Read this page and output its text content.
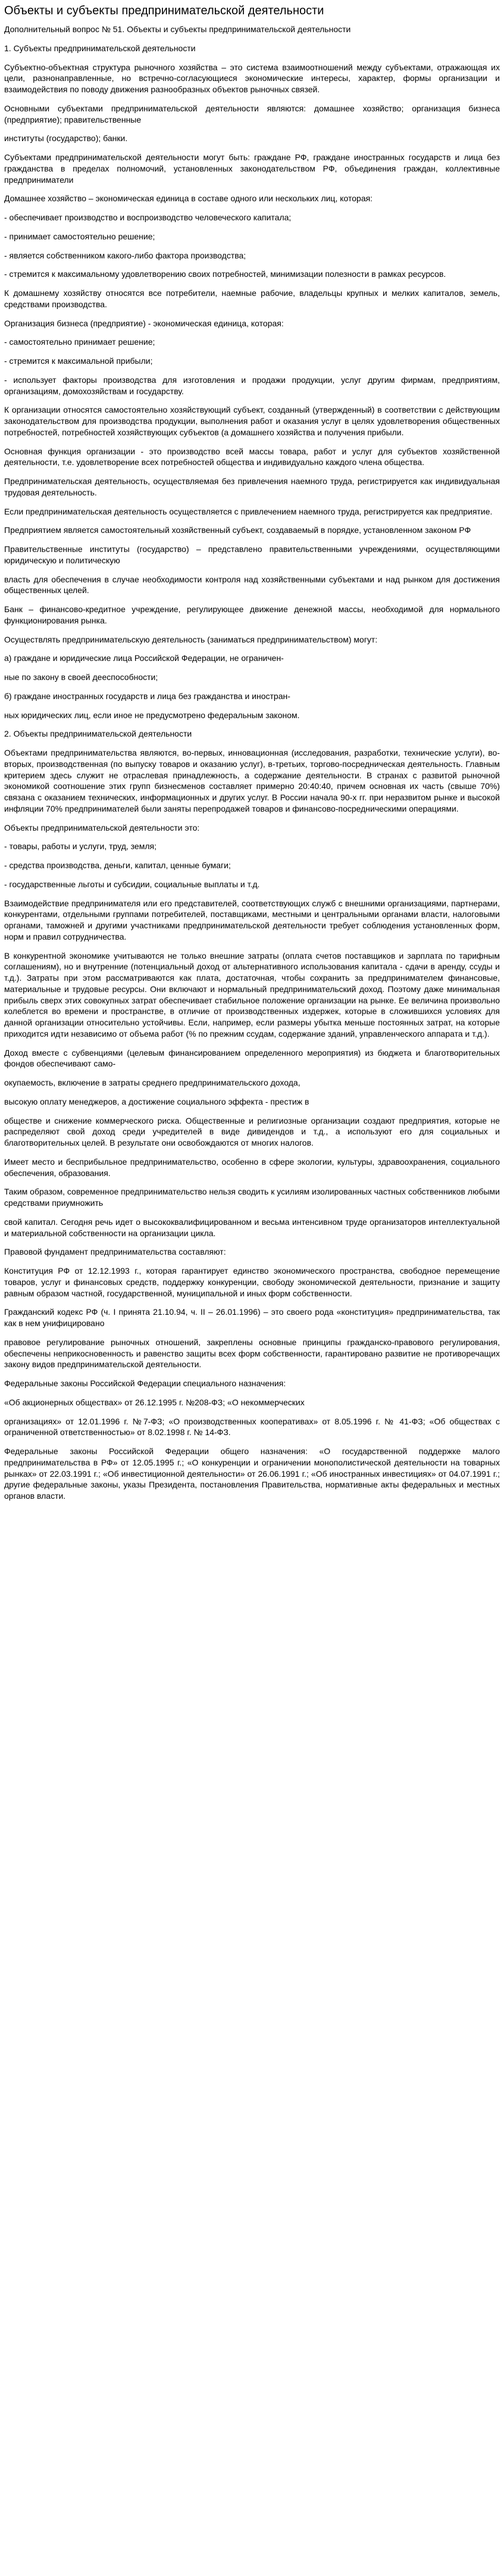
Объекты и субъекты предпринимательской деятельности

Дополнительный вопрос № 51. Объекты и субъекты предпринимательской деятельности

1. Субъекты предпринимательской деятельности

Субъектно-объектная структура рыночного хозяйства – это система взаимоотношений между субъектами, отражающая их цели, разнонаправленные, но встречно-согласующиеся экономические интересы, характер, формы организации и взаимодействия по поводу движения разнообразных объектов рыночных связей.

Основными субъектами предпринимательской деятельности являются: домашнее хозяйство; организация бизнеса (предприятие); правительственные

институты (государство); банки.

Субъектами предпринимательской деятельности могут быть: граждане РФ, граждане иностранных государств и лица без гражданства в пределах полномочий, установленных законодательством РФ, объединения граждан, коллективные предприниматели

Домашнее хозяйство – экономическая единица в составе одного или нескольких лиц, которая:

- обеспечивает производство и воспроизводство человеческого капитала;

- принимает самостоятельно решение;

- является собственником какого-либо фактора производства;

- стремится к максимальному удовлетворению своих потребностей, минимизации полезности в рамках ресурсов.

К домашнему хозяйству относятся все потребители, наемные рабочие, владельцы крупных и мелких капиталов, земель, средствами производства.

Организация бизнеса (предприятие) - экономическая единица, которая:

- самостоятельно принимает решение;

- стремится к максимальной прибыли;

- использует факторы производства для изготовления и продажи продукции, услуг другим фирмам, предприятиям, организациям, домохозяйствам и государству.

К организации относятся самостоятельно хозяйствующий субъект, созданный (утвержденный) в соответствии с действующим законодательством для производства продукции, выполнения работ и оказания услуг в целях удовлетворения общественных потребностей, потребностей хозяйствующих субъектов (а домашнего хозяйства и получения прибыли.

Основная функция организации - это производство всей массы товара, работ и услуг для субъектов хозяйственной деятельности, т.е. удовлетворение всех потребностей общества и индивидуально каждого члена общества.

Предпринимательская деятельность, осуществляемая без привлечения наемного труда, регистрируется как индивидуальная трудовая деятельность.

Если предпринимательская деятельность осуществляется с привлечением наемного труда, регистрируется как предприятие.

Предприятием является самостоятельный хозяйственный субъект, создаваемый в порядке, установленном законом РФ

Правительственные институты (государство) – представлено правительственными учреждениями, осуществляющими юридическую и политическую

власть для обеспечения в случае необходимости контроля над хозяйственными субъектами и над рынком для достижения общественных целей.

Банк – финансово-кредитное учреждение, регулирующее движение денежной массы, необходимой для нормального функционирования рынка.

Осуществлять предпринимательскую деятельность (заниматься предпринимательством) могут:

а) граждане и юридические лица Российской Федерации, не ограничен-

ные по закону в своей дееспособности;

б) граждане иностранных государств и лица без гражданства и иностран-

ных юридических лиц, если иное не предусмотрено федеральным законом.

2. Объекты предпринимательской деятельности

Объектами предпринимательства являются, во-первых, инновационная (исследования, разработки, технические услуги), во-вторых, производственная (по выпуску товаров и оказанию услуг), в-третьих, торгово-посредническая деятельность. Главным критерием здесь служит не отраслевая принадлежность, а содержание деятельности. В странах с развитой рыночной экономикой соотношение этих групп бизнесменов составляет примерно 20:40:40, причем основная их часть (свыше 70%) связана с оказанием технических, информационных и других услуг. В России начала 90-х гг. при неразвитом рынке и высокой инфляции 70% предпринимателей были заняты перепродажей товаров и финансово-посредническими операциями.

Объекты предпринимательской деятельности это:

- товары, работы и услуги, труд, земля;

- средства производства, деньги, капитал, ценные бумаги;

- государственные льготы и субсидии, социальные выплаты и т.д.

Взаимодействие предпринимателя или его представителей, соответствующих служб с внешними организациями, партнерами, конкурентами, отдельными группами потребителей, поставщиками, местными и центральными органами власти, налоговыми органами, таможней и другими участниками предпринимательской деятельности требует соблюдения установленных форм, норм и правил сотрудничества.

В конкурентной экономике учитываются не только внешние затраты (оплата счетов поставщиков и зарплата по тарифным соглашениям), но и внутренние (потенциальный доход от альтернативного использования капитала - сдачи в аренду, ссуды и т.д.). Затраты при этом рассматриваются как плата, достаточная, чтобы сохранить за предпринимателем финансовые, материальные и трудовые ресурсы. Они включают и нормальный предпринимательский доход. Поэтому даже минимальная прибыль сверх этих совокупных затрат обеспечивает стабильное положение организации на рынке. Ее величина произвольно колеблется во времени и пространстве, в отличие от производственных издержек, которые в сложившихся условиях для данной организации относительно устойчивы. Если, например, если размеры убытка меньше постоянных затрат, на которые приходится идти независимо от объема работ (% по прежним ссудам, содержание зданий, управленческого аппарата и т.д.).

Доход вместе с субвенциями (целевым финансированием определенного мероприятия) из бюджета и благотворительных фондов обеспечивают само-

окупаемость, включение в затраты среднего предпринимательского дохода,

высокую оплату менеджеров, а достижение социального эффекта - престиж в

обществе и снижение коммерческого риска. Общественные и религиозные организации создают предприятия, которые не распределяют свой доход среди учредителей в виде дивидендов и т.д., а используют его для социальных и благотворительных целей. В результате они освобождаются от многих налогов.

Имеет место и бесприбыльное предпринимательство, особенно в сфере экологии, культуры, здравоохранения, социального обеспечения, образования.

Таким образом, современное предпринимательство нельзя сводить к усилиям изолированных частных собственников любыми средствами приумножить

свой капитал. Сегодня речь идет о высококвалифицированном и весьма интенсивном труде организаторов интеллектуальной и материальной собственности на организации цикла.

Правовой фундамент предпринимательства составляют:

Конституция РФ от 12.12.1993 г., которая гарантирует единство экономического пространства, свободное перемещение товаров, услуг и финансовых средств, поддержку конкуренции, свободу экономической деятельности, признание и защиту равным образом частной, государственной, муниципальной и иных форм собственности.

Гражданский кодекс РФ (ч. I принята 21.10.94, ч. II – 26.01.1996) – это своего рода «конституция» предпринимательства, так как в нем унифицировано

правовое регулирование рыночных отношений, закреплены основные принципы гражданско-правового регулирования, обеспечены неприкосновенность и равенство защиты всех форм собственности, гарантировано развитие не противоречащих закону видов предпринимательской деятельности.

Федеральные законы Российской Федерации специального назначения:

«Об акционерных обществах» от 26.12.1995 г. №208-ФЗ; «О некоммерческих

организациях» от 12.01.1996 г. №7-ФЗ; «О производственных кооперативах» от 8.05.1996 г. № 41-ФЗ; «Об обществах с ограниченной ответственностью» от 8.02.1998 г. № 14-ФЗ.

Федеральные законы Российской Федерации общего назначения: «О государственной поддержке малого предпринимательства в РФ» от 12.05.1995 г.; «О конкуренции и ограничении монополистической деятельности на товарных рынках» от 22.03.1991 г.; «Об инвестиционной деятельности» от 26.06.1991 г.; «Об иностранных инвестициях» от 04.07.1991 г.; другие федеральные законы, указы Президента, постановления Правительства, нормативные акты федеральных и местных органов власти.
